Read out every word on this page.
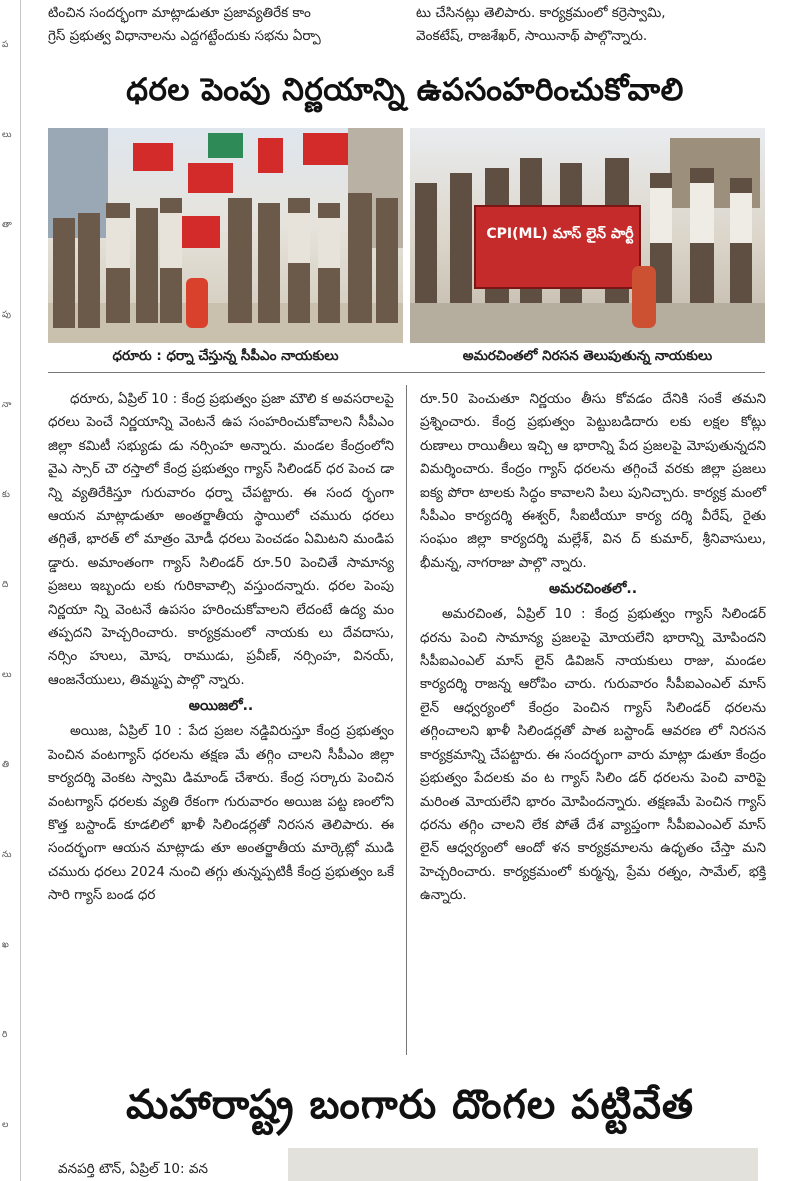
ప
లు
తా
పు
నా
కు
ది
లు
తి
ను
ఖ
రి
ల

టించిన సందర్భంగా మాట్లాడుతూ ప్రజావ్యతిరేక కాం

గ్రెస్ ప్రభుత్వ విధానాలను ఎద్దగట్టేందుకు సభను ఏర్పా

టు చేసినట్లు తెలిపారు. కార్యక్రమంలో కర్రెస్వామి,

వెంకటేష్, రాజశేఖర్, సాయినాథ్ పాల్గొన్నారు.

ధరల పెంపు నిర్ణయాన్ని ఉపసంహరించుకోవాలి
ధరూరు : ధర్నా చేస్తున్న సీపీఎం నాయకులు
CPI(ML) మాస్ లైన్ పార్టీ
అమరచింతలో నిరసన తెలుపుతున్న నాయకులు

ధరూరు, ఏప్రిల్ 10 : కేంద్ర ప్రభుత్వం ప్రజా మౌలి క అవసరాలపై ధరలు పెంచే నిర్ణయాన్ని వెంటనే ఉప సంహరించుకోవాలని సీపీఎం జిల్లా కమిటీ సభ్యుడు డు నర్సింహ అన్నారు. మండల కేంద్రంలోని వైఎ స్సార్ చౌ రస్తాలో కేంద్ర ప్రభుత్వం గ్యాస్ సిలిండర్ ధర పెంచ డా న్ని వ్యతిరేకిస్తూ గురువారం ధర్నా చేపట్టారు. ఈ సంద ర్భంగా ఆయన మాట్లాడుతూ అంతర్జాతీయ స్థాయిలో చమురు ధరలు తగ్గితే, భారత్ లో మాత్రం మోడీ ధరలు పెంచడం ఏమిటని మండిప డ్డారు. అమాంతంగా గ్యాస్ సిలిండర్ రూ.50 పెంచితే సామాన్య ప్రజలు ఇబ్బందు లకు గురికావాల్సి వస్తుందన్నారు. ధరల పెంపు నిర్ణయా న్ని వెంటనే ఉపసం హరించుకోవాలని లేదంటే ఉద్య మం తప్పదని హెచ్చరించారు. కార్యక్రమంలో నాయకు లు దేవదాసు, నర్సిం హులు, మోష, రాముడు, ప్రవీణ్, నర్సింహ, వినయ్, ఆంజనేయులు, తిమ్మప్ప పాల్గొ న్నారు.

అయిజలో..

అయిజ, ఏప్రిల్ 10 : పేద ప్రజల నడ్డివిరుస్తూ కేంద్ర ప్రభుత్వం పెంచిన వంటగ్యాస్ ధరలను తక్షణ మే తగ్గిం చాలని సీపీఎం జిల్లా కార్యదర్శి వెంకట స్వామి డిమాండ్ చేశారు. కేంద్ర సర్కారు పెంచిన వంటగ్యాస్ ధరలకు వ్యతి రేకంగా గురువారం అయిజ పట్ట ణంలోని కొత్త బస్టాండ్ కూడలిలో ఖాళీ సిలిండర్లతో నిరసన తెలిపారు. ఈ సందర్భంగా ఆయన మాట్లాడు తూ అంతర్జాతీయ మార్కెట్లో ముడి చమురు ధరలు 2024 నుంచి తగ్గు తున్నప్పటికీ కేంద్ర ప్రభుత్వం ఒకే సారి గ్యాస్ బండ ధర

రూ.50 పెంచుతూ నిర్ణయం తీసు కోవడం దేనికి సంకే తమని ప్రశ్నించారు. కేంద్ర ప్రభుత్వం పెట్టుబడిదారు లకు లక్షల కోట్లు రుణాలు రాయితీలు ఇచ్చి ఆ భారాన్ని పేద ప్రజలపై మోపుతున్నదని విమర్శించారు. కేంద్రం గ్యాస్ ధరలను తగ్గించే వరకు జిల్లా ప్రజలు ఐక్య పోరా టాలకు సిద్ధం కావాలని పిలు పునిచ్చారు. కార్యక్ర మంలో సీపీఎం కార్యదర్శి ఈశ్వర్, సీఐటీయూ కార్య దర్శి వీరేష్, రైతు సంఘం జిల్లా కార్యదర్శి మల్లేశ్, విన ద్ కుమార్, శ్రీనివాసులు, భీమన్న, నాగరాజు పాల్గొ న్నారు.

అమరచింతలో..

అమరచింత, ఏప్రిల్ 10 : కేంద్ర ప్రభుత్వం గ్యాస్ సిలిండర్ ధరను పెంచి సామాన్య ప్రజలపై మోయలేని భారాన్ని మోపిందని సీపీఐఎంఎల్ మాస్ లైన్ డివిజన్ నాయకులు రాజు, మండల కార్యదర్శి రాజన్న ఆరోపిం చారు. గురువారం సీపీఐఎంఎల్ మాస్ లైన్ ఆధ్వర్యంలో కేంద్రం పెంచిన గ్యాస్ సిలిండర్ ధరలను తగ్గించాలని ఖాళీ సిలిండర్లతో పాత బస్టాండ్ ఆవరణ లో నిరసన కార్యక్రమాన్ని చేపట్టారు. ఈ సందర్భంగా వారు మాట్లా డుతూ కేంద్రం ప్రభుత్వం పేదలకు వం ట గ్యాస్ సిలిం డర్ ధరలను పెంచి వారిపై మరింత మోయలేని భారం మోపిందన్నారు. తక్షణమే పెంచిన గ్యాస్ ధరను తగ్గిం చాలని లేక పోతే దేశ వ్యాప్తంగా సీపీఐఎంఎల్ మాస్ లైన్ ఆధ్వర్యంలో ఆందో ళన కార్యక్రమాలను ఉధృతం చేస్తా మని హెచ్చరించారు. కార్యక్రమంలో కుర్మన్న, ప్రేమ రత్నం, సామేల్, భక్తి ఉన్నారు.

మహారాష్ట్ర బంగారు దొంగల పట్టివేత
వనపర్తి టౌన్, ఏప్రిల్ 10: వన
